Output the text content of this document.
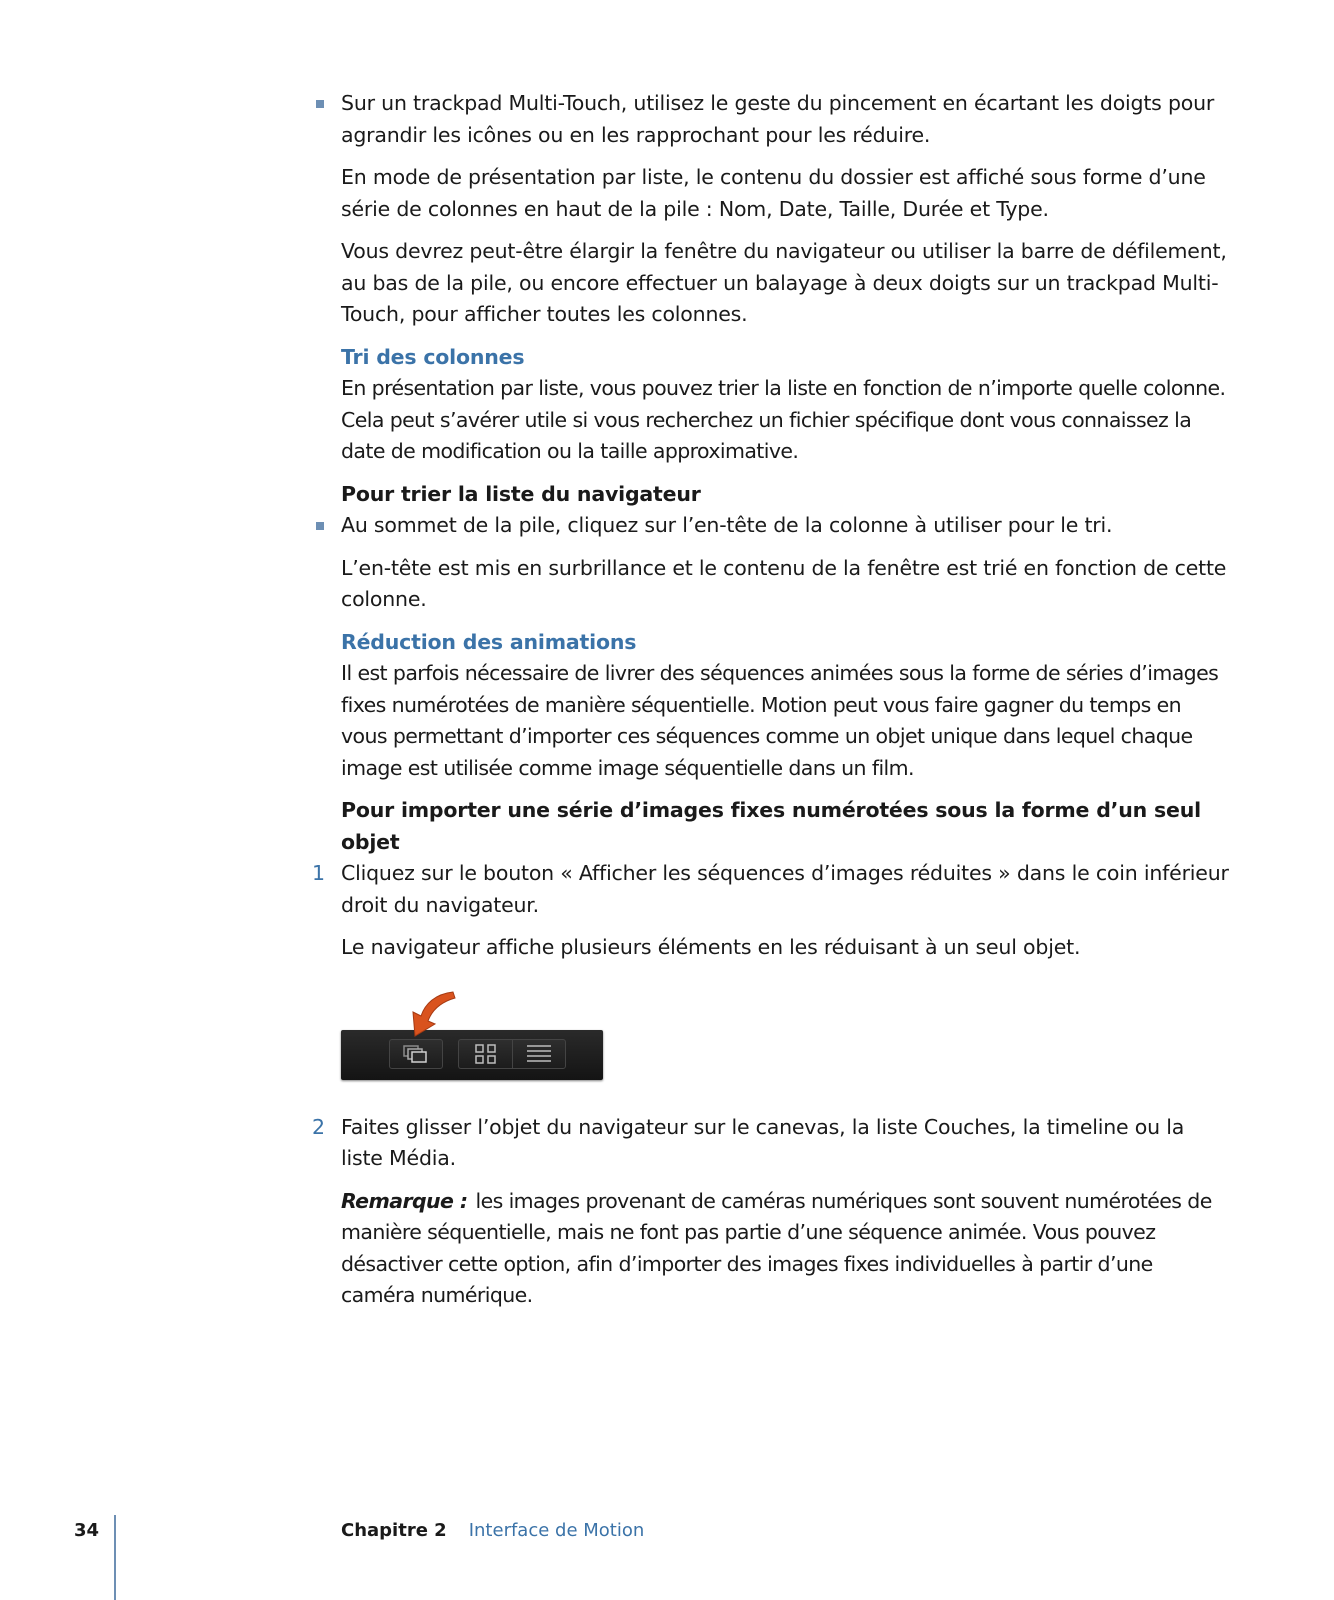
Sur un trackpad Multi-Touch, utilisez le geste du pincement en écartant les doigts pour agrandir les icônes ou en les rapprochant pour les réduire.

En mode de présentation par liste, le contenu du dossier est affiché sous forme d’une série de colonnes en haut de la pile : Nom, Date, Taille, Durée et Type.

Vous devrez peut-être élargir la fenêtre du navigateur ou utiliser la barre de défilement, au bas de la pile, ou encore effectuer un balayage à deux doigts sur un trackpad Multi-Touch, pour afficher toutes les colonnes.

Tri des colonnes

En présentation par liste, vous pouvez trier la liste en fonction de n’importe quelle colonne. Cela peut s’avérer utile si vous recherchez un fichier spécifique dont vous connaissez la date de modification ou la taille approximative.

Pour trier la liste du navigateur

Au sommet de la pile, cliquez sur l’en-tête de la colonne à utiliser pour le tri.

L’en-tête est mis en surbrillance et le contenu de la fenêtre est trié en fonction de cette colonne.

Réduction des animations

Il est parfois nécessaire de livrer des séquences animées sous la forme de séries d’images fixes numérotées de manière séquentielle. Motion peut vous faire gagner du temps en vous permettant d’importer ces séquences comme un objet unique dans lequel chaque image est utilisée comme image séquentielle dans un film.

Pour importer une série d’images fixes numérotées sous la forme d’un seul objet

1 Cliquez sur le bouton « Afficher les séquences d’images réduites » dans le coin inférieur droit du navigateur.

Le navigateur affiche plusieurs éléments en les réduisant à un seul objet.

2 Faites glisser l’objet du navigateur sur le canevas, la liste Couches, la timeline ou la liste Média.

Remarque : les images provenant de caméras numériques sont souvent numérotées de manière séquentielle, mais ne font pas partie d’une séquence animée. Vous pouvez désactiver cette option, afin d’importer des images fixes individuelles à partir d’une caméra numérique.

34	Chapitre 2 Interface de Motion
